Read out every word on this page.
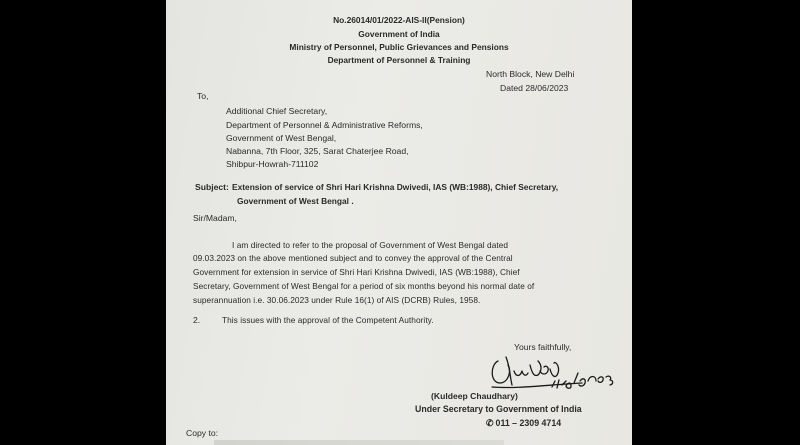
No.26014/01/2022-AIS-II(Pension)
Government of India
Ministry of Personnel, Public Grievances and Pensions
Department of Personnel & Training
North Block, New Delhi
Dated 28/06/2023
To,
Additional Chief Secretary,
Department of Personnel & Administrative Reforms,
Government of West Bengal,
Nabanna, 7th Floor, 325, Sarat Chaterjee Road,
Shibpur-Howrah-711102
Subject: Extension of service of Shri Hari Krishna Dwivedi, IAS (WB:1988), Chief Secretary,
Government of West Bengal .
Sir/Madam,
I am directed to refer to the proposal of Government of West Bengal dated
09.03.2023 on the above mentioned subject and to convey the approval of the Central
Government for extension in service of Shri Hari Krishna Dwivedi, IAS (WB:1988), Chief
Secretary, Government of West Bengal for a period of six months beyond his normal date of
superannuation i.e. 30.06.2023 under Rule 16(1) of AIS (DCRB) Rules, 1958.
2.	This issues with the approval of the Competent Authority.
Yours faithfully,
(Kuldeep Chaudhary)
Under Secretary to Government of India
✆ 011 – 2309 4714
Copy to:
